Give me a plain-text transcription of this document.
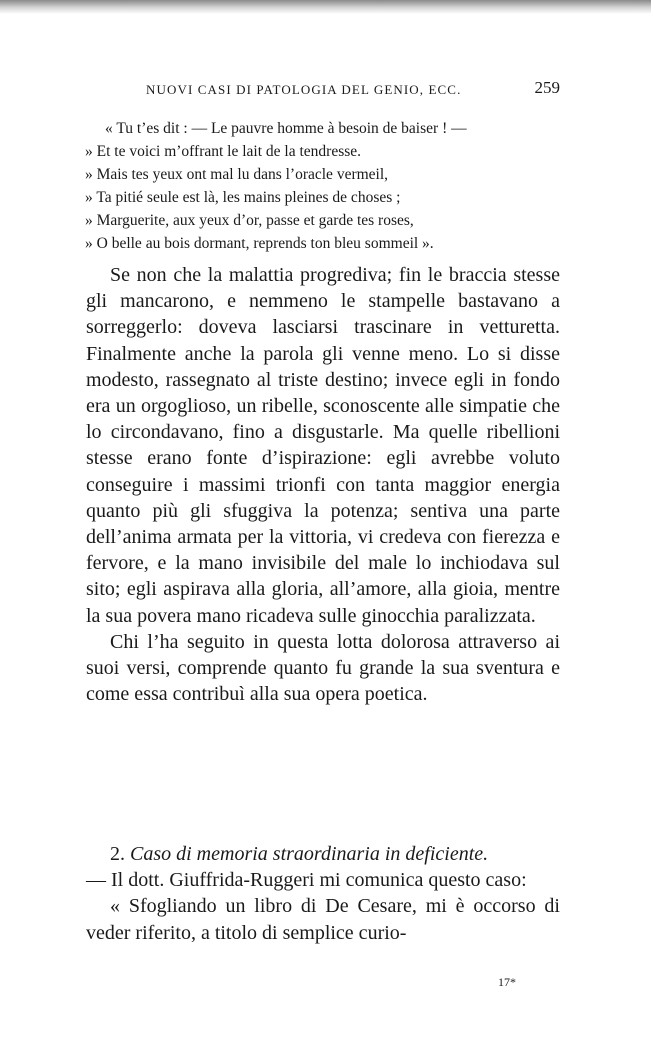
NUOVI CASI DI PATOLOGIA DEL GENIO, ECC.	259
« Tu t’es dit : — Le pauvre homme à besoin de baiser ! —
» Et te voici m’offrant le lait de la tendresse.
» Mais tes yeux ont mal lu dans l’oracle vermeil,
» Ta pitié seule est là, les mains pleines de choses ;
» Marguerite, aux yeux d’or, passe et garde tes roses,
» O belle au bois dormant, reprends ton bleu sommeil ».

Se non che la malattia progrediva; fin le braccia stesse gli mancarono, e nemmeno le stampelle bastavano a sorreggerlo: doveva lasciarsi trascinare in vetturetta. Finalmente anche la parola gli venne meno. Lo si disse modesto, rassegnato al triste destino; invece egli in fondo era un orgoglioso, un ribelle, sconoscente alle simpatie che lo circondavano, fino a disgustarle. Ma quelle ribellioni stesse erano fonte d’ispirazione: egli avrebbe voluto conseguire i massimi trionfi con tanta maggior energia quanto più gli sfuggiva la potenza; sentiva una parte dell’anima armata per la vittoria, vi credeva con fierezza e fervore, e la mano invisibile del male lo inchiodava sul sito; egli aspirava alla gloria, all’amore, alla gioia, mentre la sua povera mano ricadeva sulle ginocchia paralizzata.

Chi l’ha seguito in questa lotta dolorosa attraverso ai suoi versi, comprende quanto fu grande la sua sventura e come essa contribuì alla sua opera poetica.

2. Caso di memoria straordinaria in deficiente.
— Il dott. Giuffrida-Ruggeri mi comunica questo caso:
« Sfogliando un libro di De Cesare, mi è occorso di veder riferito, a titolo di semplice curio-
17*
